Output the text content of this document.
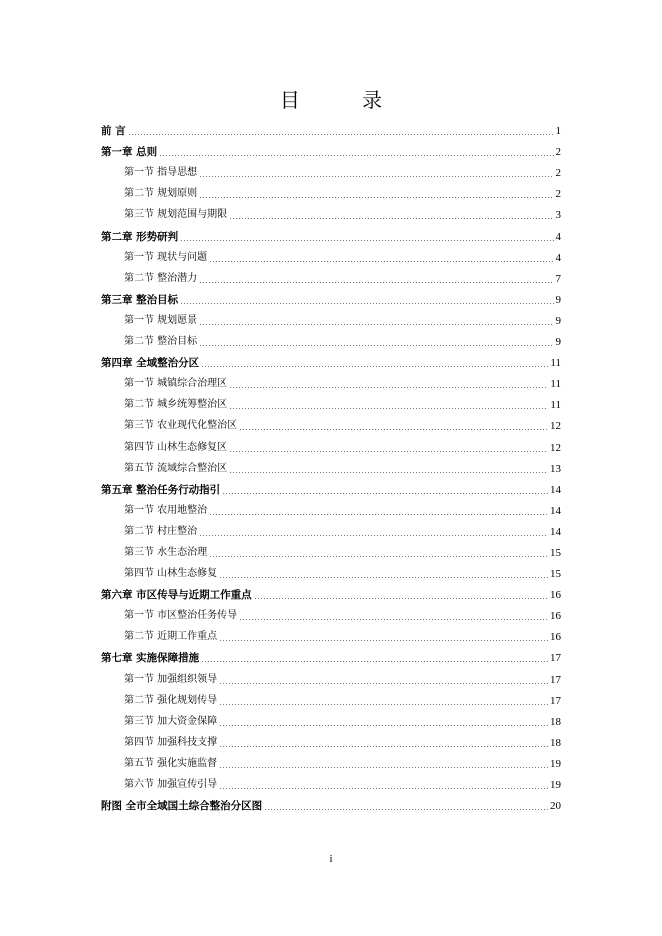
目 录
前 言	1
第一章 总则	2
第一节 指导思想	2
第二节 规划原则	2
第三节 规划范围与期限	3
第二章 形势研判	4
第一节 现状与问题	4
第二节 整治潜力	7
第三章 整治目标	9
第一节 规划愿景	9
第二节 整治目标	9
第四章 全域整治分区	11
第一节 城镇综合治理区	11
第二节 城乡统筹整治区	11
第三节 农业现代化整治区	12
第四节 山林生态修复区	12
第五节 流域综合整治区	13
第五章 整治任务行动指引	14
第一节 农用地整治	14
第二节 村庄整治	14
第三节 水生态治理	15
第四节 山林生态修复	15
第六章 市区传导与近期工作重点	16
第一节 市区整治任务传导	16
第二节 近期工作重点	16
第七章 实施保障措施	17
第一节 加强组织领导	17
第二节 强化规划传导	17
第三节 加大资金保障	18
第四节 加强科技支撑	18
第五节 强化实施监督	19
第六节 加强宣传引导	19
附图 全市全域国土综合整治分区图	20
i
